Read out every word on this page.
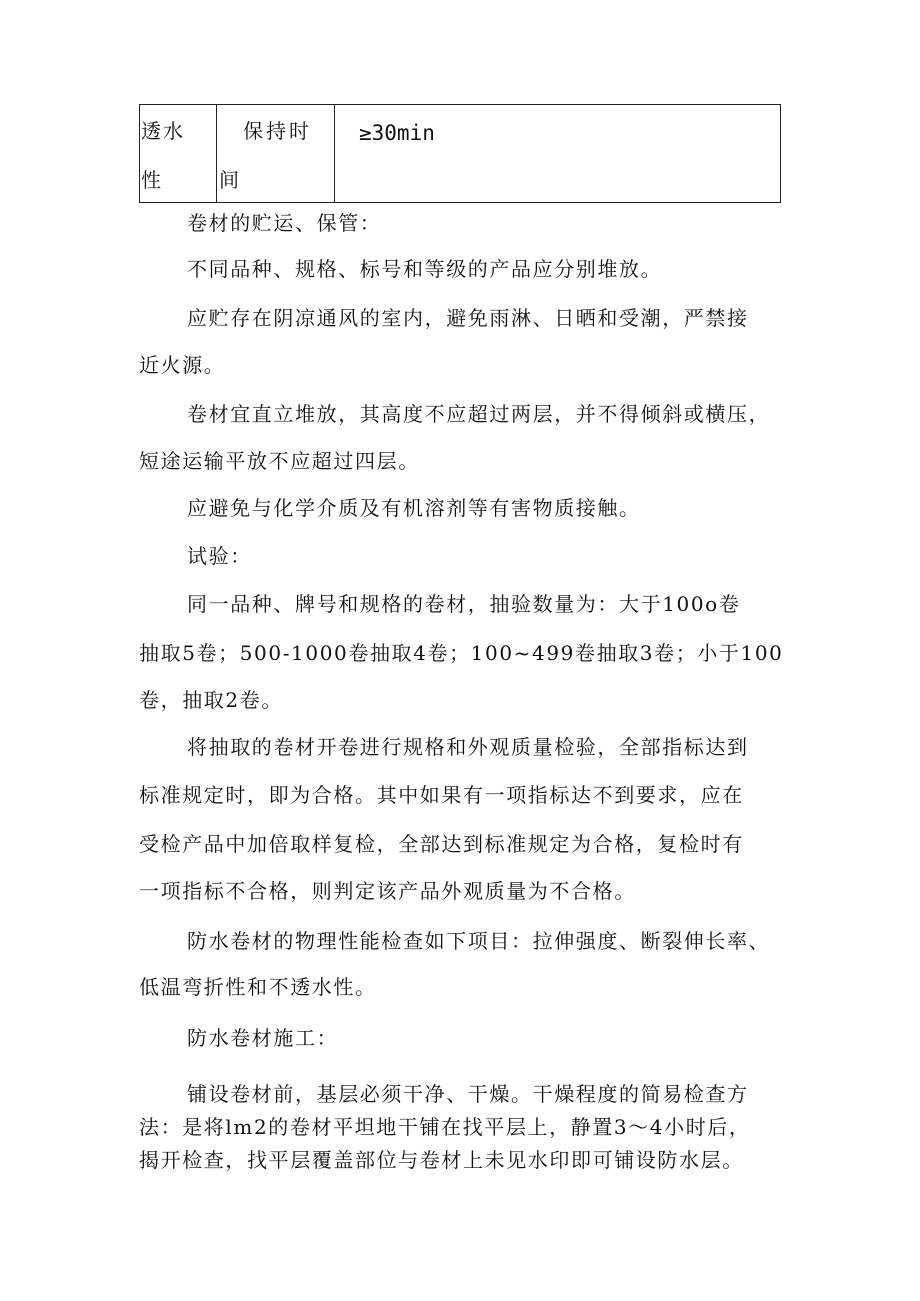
透水
性
保持时
间
≥30min
卷材的贮运、保管：
不同品种、规格、标号和等级的产品应分别堆放。
应贮存在阴凉通风的室内，避免雨淋、日晒和受潮，严禁接
近火源。
卷材宜直立堆放，其高度不应超过两层，并不得倾斜或横压，
短途运输平放不应超过四层。
应避免与化学介质及有机溶剂等有害物质接触。
试验：
同一品种、牌号和规格的卷材，抽验数量为：大于100o卷
抽取5卷；500-1000卷抽取4卷；100~499卷抽取3卷；小于100
卷，抽取2卷。
将抽取的卷材开卷进行规格和外观质量检验，全部指标达到
标准规定时，即为合格。其中如果有一项指标达不到要求，应在
受检产品中加倍取样复检，全部达到标准规定为合格，复检时有
一项指标不合格，则判定该产品外观质量为不合格。
防水卷材的物理性能检查如下项目：拉伸强度、断裂伸长率、
低温弯折性和不透水性。
防水卷材施工：
铺设卷材前，基层必须干净、干燥。干燥程度的简易检查方
法：是将lm2的卷材平坦地干铺在找平层上，静置3～4小时后，
揭开检查，找平层覆盖部位与卷材上未见水印即可铺设防水层。
